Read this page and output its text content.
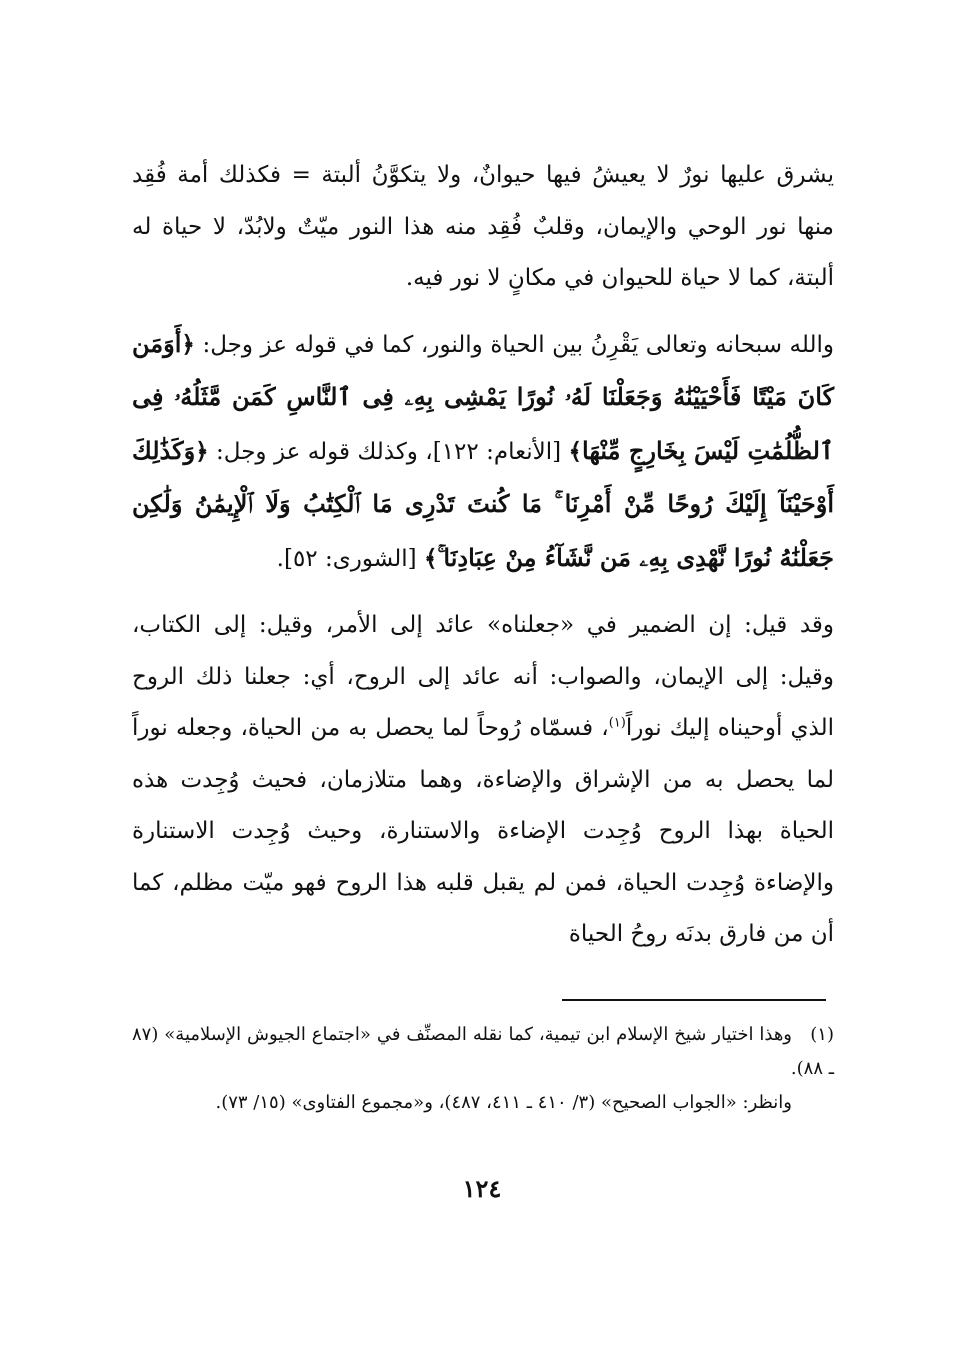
يشرق عليها نورٌ لا يعيشُ فيها حيوانٌ، ولا يتكوَّنُ ألبتة = فكذلك أمة فُقِد منها نور الوحي والإيمان، وقلبٌ فُقِد منه هذا النور ميّتٌ ولابُدّ، لا حياة له ألبتة، كما لا حياة للحيوان في مكانٍ لا نور فيه.

والله سبحانه وتعالى يَقْرِنُ بين الحياة والنور، كما في قوله عز وجل: ﴿أَوَمَن كَانَ مَيْتًا فَأَحْيَيْنَٰهُ وَجَعَلْنَا لَهُۥ نُورًا يَمْشِى بِهِۦ فِى ٱلنَّاسِ كَمَن مَّثَلُهُۥ فِى ٱلظُّلُمَٰتِ لَيْسَ بِخَارِجٍ مِّنْهَا﴾ [الأنعام: ١٢٢]، وكذلك قوله عز وجل: ﴿وَكَذَٰلِكَ أَوْحَيْنَآ إِلَيْكَ رُوحًا مِّنْ أَمْرِنَا ۚ مَا كُنتَ تَدْرِى مَا ٱلْكِتَٰبُ وَلَا ٱلْإِيمَٰنُ وَلَٰكِن جَعَلْنَٰهُ نُورًا نَّهْدِى بِهِۦ مَن نَّشَآءُ مِنْ عِبَادِنَا ۚ﴾ [الشورى: ٥٢].

وقد قيل: إن الضمير في «جعلناه» عائد إلى الأمر، وقيل: إلى الكتاب، وقيل: إلى الإيمان، والصواب: أنه عائد إلى الروح، أي: جعلنا ذلك الروح الذي أوحيناه إليك نوراً$^{(١)}$، فسمّاه رُوحاً لما يحصل به من الحياة، وجعله نوراً لما يحصل به من الإشراق والإضاءة، وهما متلازمان، فحيث وُجِدت هذه الحياة بهذا الروح وُجِدت الإضاءة والاستنارة، وحيث وُجِدت الاستنارة والإضاءة وُجِدت الحياة، فمن لم يقبل قلبه هذا الروح فهو ميّت مظلم، كما أن من فارق بدنَه روحُ الحياة

(١)وهذا اختيار شيخ الإسلام ابن تيمية، كما نقله المصنِّف في «اجتماع الجيوش الإسلامية» (٨٧ ـ ٨٨).

وانظر: «الجواب الصحيح» (٣/ ٤١٠ ـ ٤١١، ٤٨٧)، و«مجموع الفتاوى» (١٥/ ٧٣).

١٢٤
